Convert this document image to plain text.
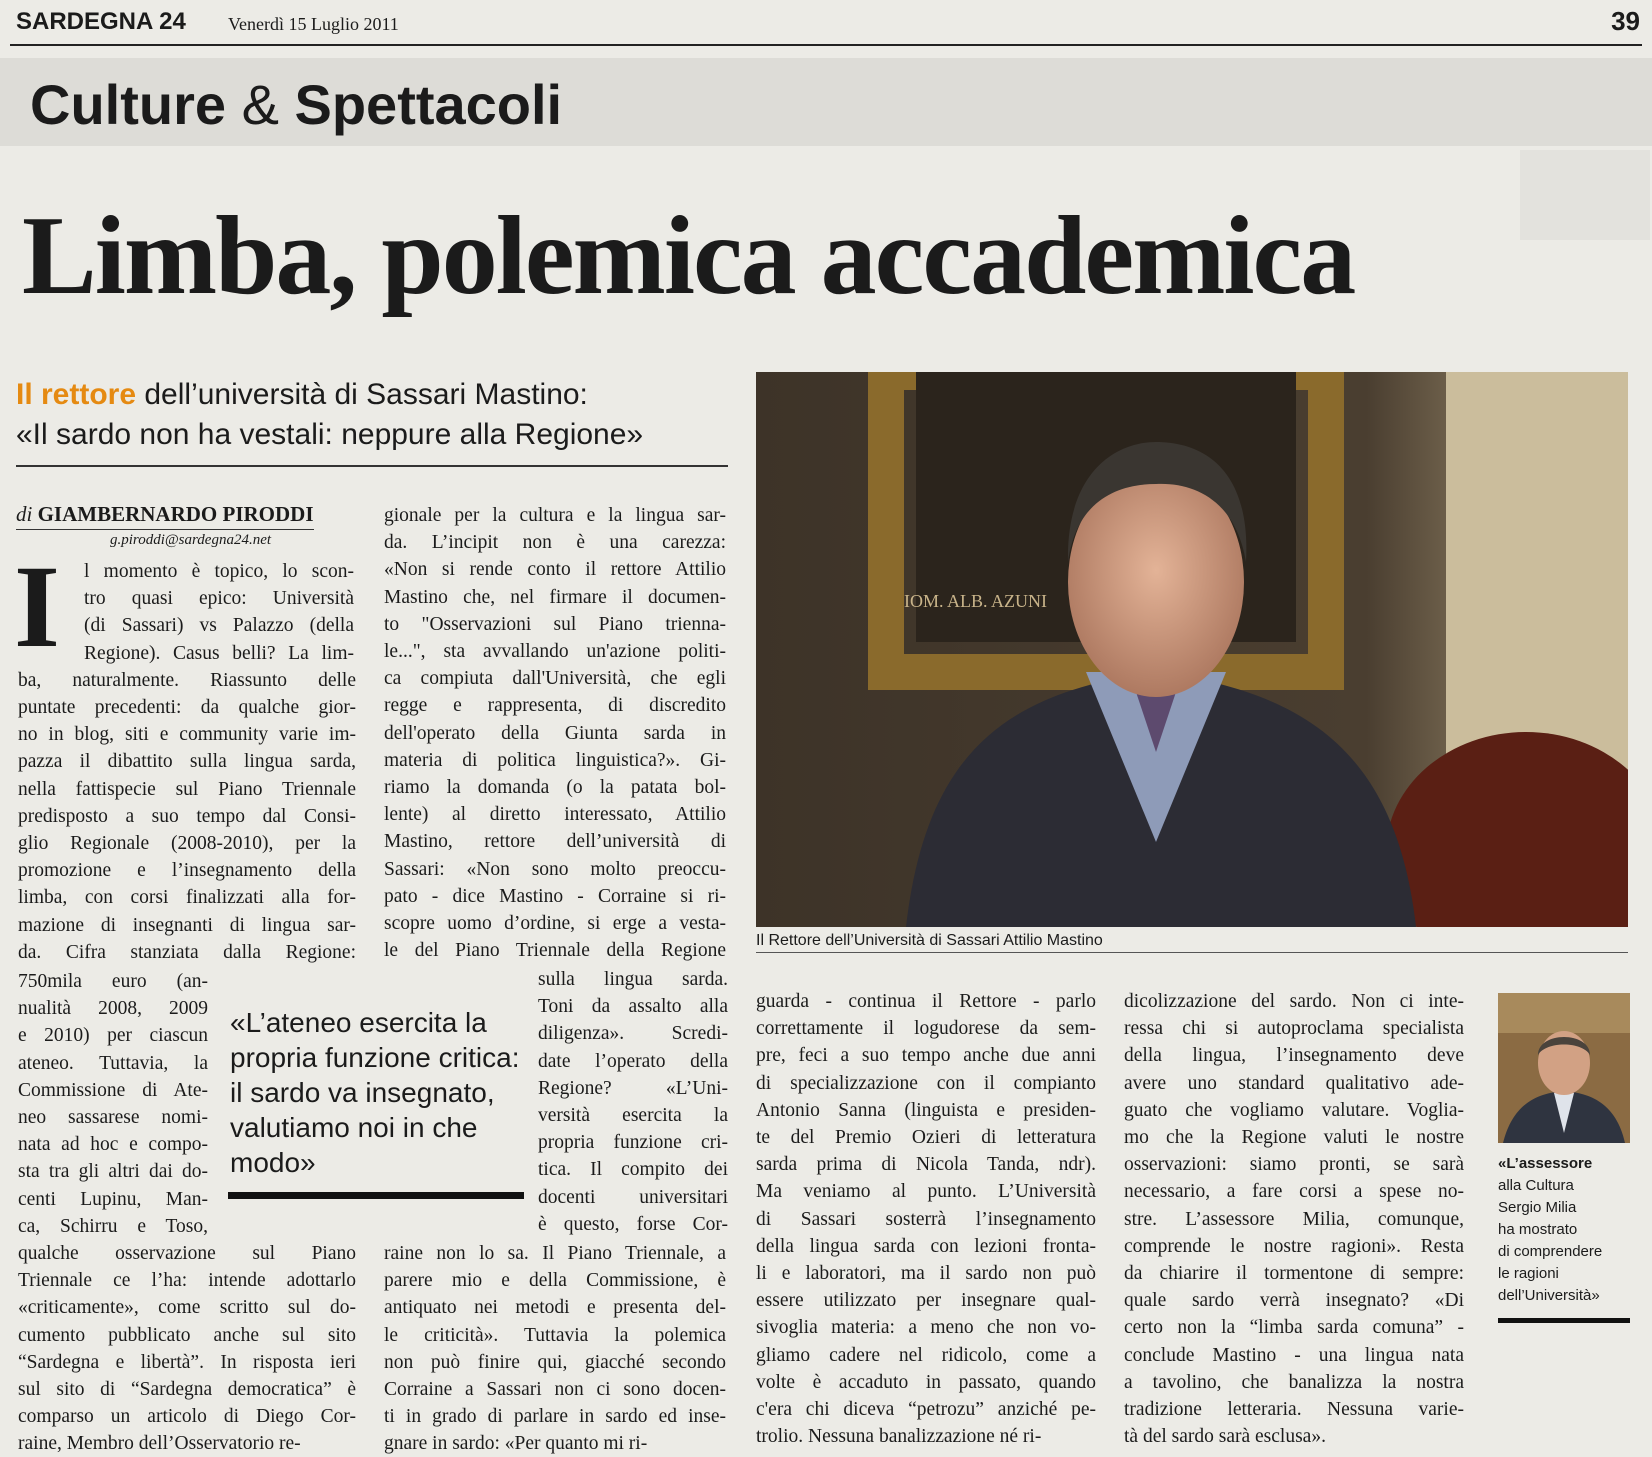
SARDEGNA 24 Venerdì 15 Luglio 2011	39
Culture & Spettacoli
Limba, polemica accademica
Il rettore dell’università di Sassari Mastino:
«Il sardo non ha vestali: neppure alla Regione»
di GIAMBERNARDO PIRODDI
g.piroddi@sardegna24.net
I l momento è topico, lo scon-
tro quasi epico: Università
(di Sassari) vs Palazzo (della
Regione). Casus belli? La lim-
ba, naturalmente. Riassunto delle
puntate precedenti: da qualche gior-
no in blog, siti e community varie im-
pazza il dibattito sulla lingua sarda,
nella fattispecie sul Piano Triennale
predisposto a suo tempo dal Consi-
glio Regionale (2008-2010), per la
promozione e l’insegnamento della
limba, con corsi finalizzati alla for-
mazione di insegnanti di lingua sar-
da. Cifra stanziata dalla Regione:
750mila euro (an-
nualità 2008, 2009
e 2010) per ciascun
ateneo. Tuttavia, la
Commissione di Ate-
neo sassarese nomi-
nata ad hoc e compo-
sta tra gli altri dai do-
centi Lupinu, Man-
ca, Schirru e Toso,
qualche osservazione sul Piano
Triennale ce l’ha: intende adottarlo
«criticamente», come scritto sul do-
cumento pubblicato anche sul sito
“Sardegna e libertà”. In risposta ieri
sul sito di “Sardegna democratica” è
comparso un articolo di Diego Cor-
raine, Membro dell’Osservatorio re-
gionale per la cultura e la lingua sar-
da. L’incipit non è una carezza:
«Non si rende conto il rettore Attilio
Mastino che, nel firmare il documen-
to "Osservazioni sul Piano trienna-
le...", sta avvallando un'azione politi-
ca compiuta dall'Università, che egli
regge e rappresenta, di discredito
dell'operato della Giunta sarda in
materia di politica linguistica?». Gi-
riamo la domanda (o la patata bol-
lente) al diretto interessato, Attilio
Mastino, rettore dell’università di
Sassari: «Non sono molto preoccu-
pato - dice Mastino - Corraine si ri-
scopre uomo d’ordine, si erge a vesta-
le del Piano Triennale della Regione
sulla lingua sarda.
Toni da assalto alla
diligenza». Scredi-
date l’operato della
Regione? «L’Uni-
versità esercita la
propria funzione cri-
tica. Il compito dei
docenti universitari
è questo, forse Cor-
raine non lo sa. Il Piano Triennale, a
parere mio e della Commissione, è
antiquato nei metodi e presenta del-
le criticità». Tuttavia la polemica
non può finire qui, giacché secondo
Corraine a Sassari non ci sono docen-
ti in grado di parlare in sardo ed inse-
gnare in sardo: «Per quanto mi ri-
guarda - continua il Rettore - parlo
correttamente il logudorese da sem-
pre, feci a suo tempo anche due anni
di specializzazione con il compianto
Antonio Sanna (linguista e presiden-
te del Premio Ozieri di letteratura
sarda prima di Nicola Tanda, ndr).
Ma veniamo al punto. L’Università
di Sassari sosterrà l’insegnamento
della lingua sarda con lezioni fronta-
li e laboratori, ma il sardo non può
essere utilizzato per insegnare qual-
sivoglia materia: a meno che non vo-
gliamo cadere nel ridicolo, come a
volte è accaduto in passato, quando
c'era chi diceva “petrozu” anziché pe-
trolio. Nessuna banalizzazione né ri-
dicolizzazione del sardo. Non ci inte-
ressa chi si autoproclama specialista
della lingua, l’insegnamento deve
avere uno standard qualitativo ade-
guato che vogliamo valutare. Voglia-
mo che la Regione valuti le nostre
osservazioni: siamo pronti, se sarà
necessario, a fare corsi a spese no-
stre. L’assessore Milia, comunque,
comprende le nostre ragioni». Resta
da chiarire il tormentone di sempre:
quale sardo verrà insegnato? «Di
certo non la “limba sarda comuna” -
conclude Mastino - una lingua nata
a tavolino, che banalizza la nostra
tradizione letteraria. Nessuna varie-
tà del sardo sarà esclusa».
«L’ateneo esercita la propria funzione critica: il sardo va insegnato, valutiamo noi in che modo»
IOM. ALB. AZUNI
Il Rettore dell’Università di Sassari Attilio Mastino
«L’assessore
alla Cultura
Sergio Milia
ha mostrato
di comprendere
le ragioni
dell’Università»
